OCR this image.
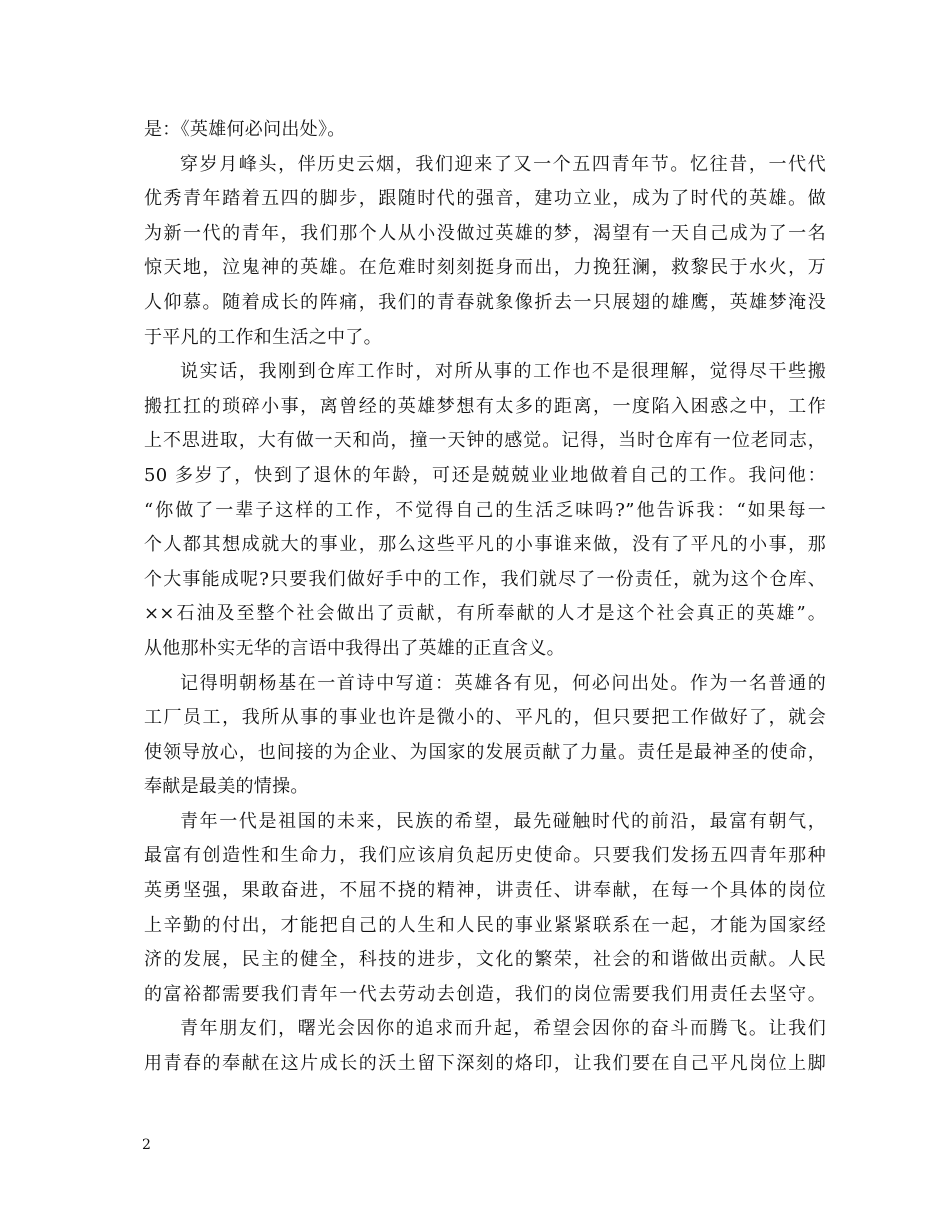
是：《英雄何必问出处》。
穿岁月峰头，伴历史云烟，我们迎来了又一个五四青年节。忆往昔，一代代
优秀青年踏着五四的脚步，跟随时代的强音，建功立业，成为了时代的英雄。做
为新一代的青年，我们那个人从小没做过英雄的梦，渴望有一天自己成为了一名
惊天地，泣鬼神的英雄。在危难时刻刻挺身而出，力挽狂澜，救黎民于水火，万
人仰慕。随着成长的阵痛，我们的青春就象像折去一只展翅的雄鹰，英雄梦淹没
于平凡的工作和生活之中了。
说实话，我刚到仓库工作时，对所从事的工作也不是很理解，觉得尽干些搬
搬扛扛的琐碎小事，离曾经的英雄梦想有太多的距离，一度陷入困惑之中，工作
上不思进取，大有做一天和尚，撞一天钟的感觉。记得，当时仓库有一位老同志，
50 多岁了，快到了退休的年龄，可还是兢兢业业地做着自己的工作。我问他：
“你做了一辈子这样的工作，不觉得自己的生活乏味吗?”他告诉我：“如果每一
个人都其想成就大的事业，那么这些平凡的小事谁来做，没有了平凡的小事，那
个大事能成呢?只要我们做好手中的工作，我们就尽了一份责任，就为这个仓库、
××石油及至整个社会做出了贡献，有所奉献的人才是这个社会真正的英雄”。
从他那朴实无华的言语中我得出了英雄的正直含义。
记得明朝杨基在一首诗中写道：英雄各有见，何必问出处。作为一名普通的
工厂员工，我所从事的事业也许是微小的、平凡的，但只要把工作做好了，就会
使领导放心，也间接的为企业、为国家的发展贡献了力量。责任是最神圣的使命，
奉献是最美的情操。
青年一代是祖国的未来，民族的希望，最先碰触时代的前沿，最富有朝气，
最富有创造性和生命力，我们应该肩负起历史使命。只要我们发扬五四青年那种
英勇坚强，果敢奋进，不屈不挠的精神，讲责任、讲奉献，在每一个具体的岗位
上辛勤的付出，才能把自己的人生和人民的事业紧紧联系在一起，才能为国家经
济的发展，民主的健全，科技的进步，文化的繁荣，社会的和谐做出贡献。人民
的富裕都需要我们青年一代去劳动去创造，我们的岗位需要我们用责任去坚守。
青年朋友们，曙光会因你的追求而升起，希望会因你的奋斗而腾飞。让我们
用青春的奉献在这片成长的沃土留下深刻的烙印，让我们要在自己平凡岗位上脚
2
